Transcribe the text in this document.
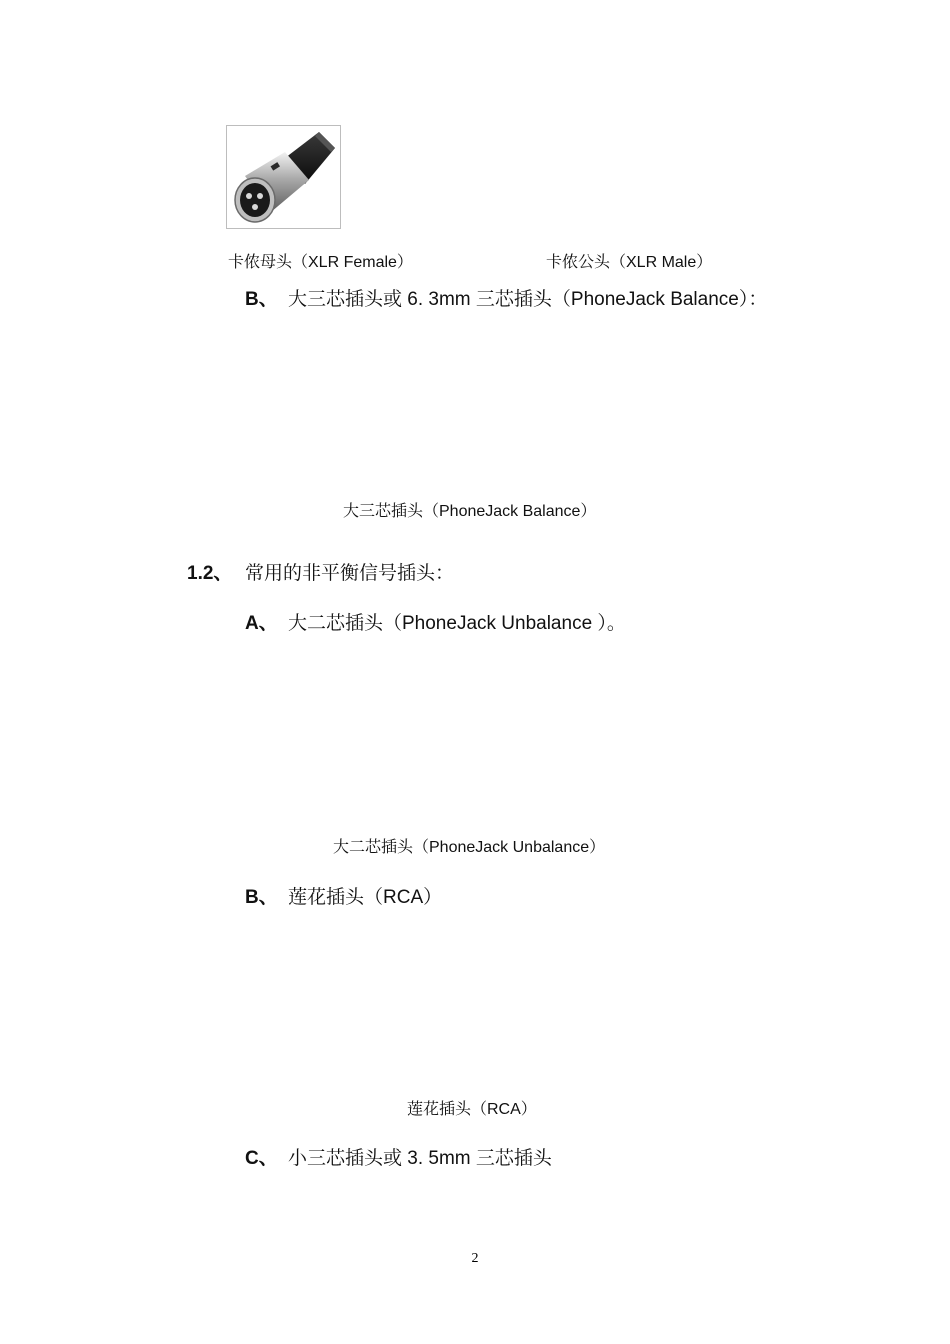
卡侬母头（XLR Female）	卡侬公头（XLR Male）
B、 大三芯插头或 6. 3mm 三芯插头（PhoneJack Balance）：
大三芯插头（PhoneJack Balance）
1.2、 常用的非平衡信号插头：
A、 大二芯插头（PhoneJack Unbalance ）。
大二芯插头（PhoneJack Unbalance）
B、 莲花插头（RCA）
莲花插头（RCA）
C、 小三芯插头或 3. 5mm 三芯插头
2
